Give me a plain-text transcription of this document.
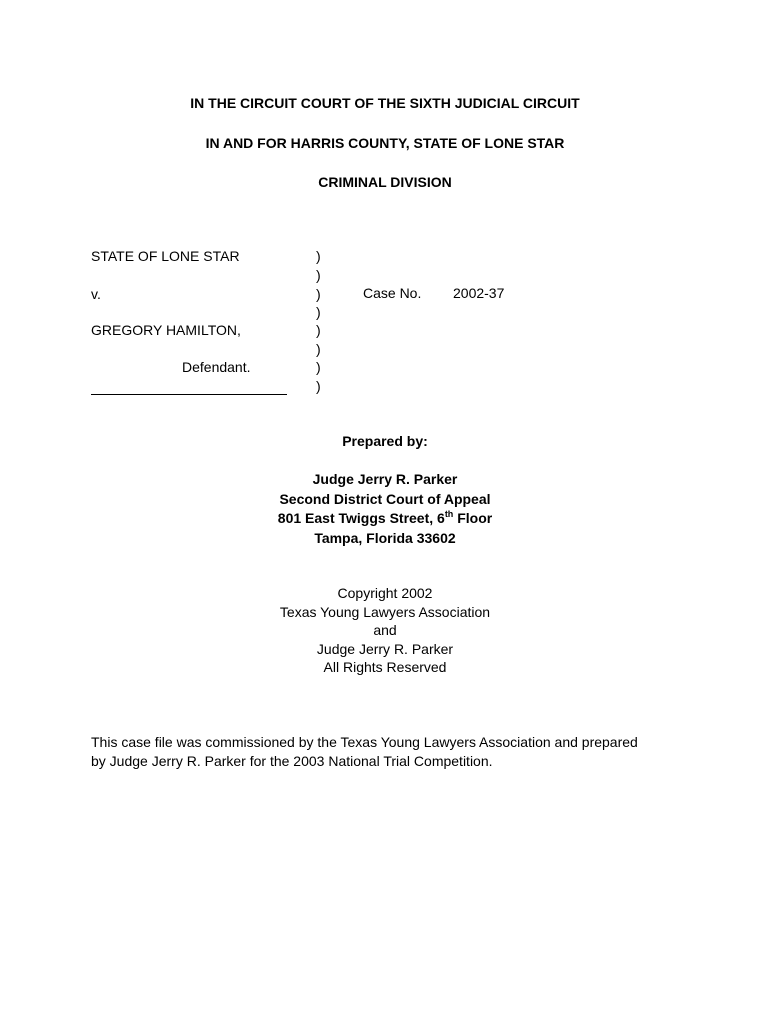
IN THE CIRCUIT COURT OF THE SIXTH JUDICIAL CIRCUIT
IN AND FOR HARRIS COUNTY, STATE OF LONE STAR
CRIMINAL DIVISION
STATE OF LONE STAR
v.
GREGORY HAMILTON,
Defendant.
)
)
)
)
)
)
)
)
Case No. 2002-37
Prepared by:
Judge Jerry R. Parker
Second District Court of Appeal
801 East Twiggs Street, 6th Floor
Tampa, Florida 33602
Copyright 2002
Texas Young Lawyers Association
and
Judge Jerry R. Parker
All Rights Reserved
This case file was commissioned by the Texas Young Lawyers Association and prepared
by Judge Jerry R. Parker for the 2003 National Trial Competition.
